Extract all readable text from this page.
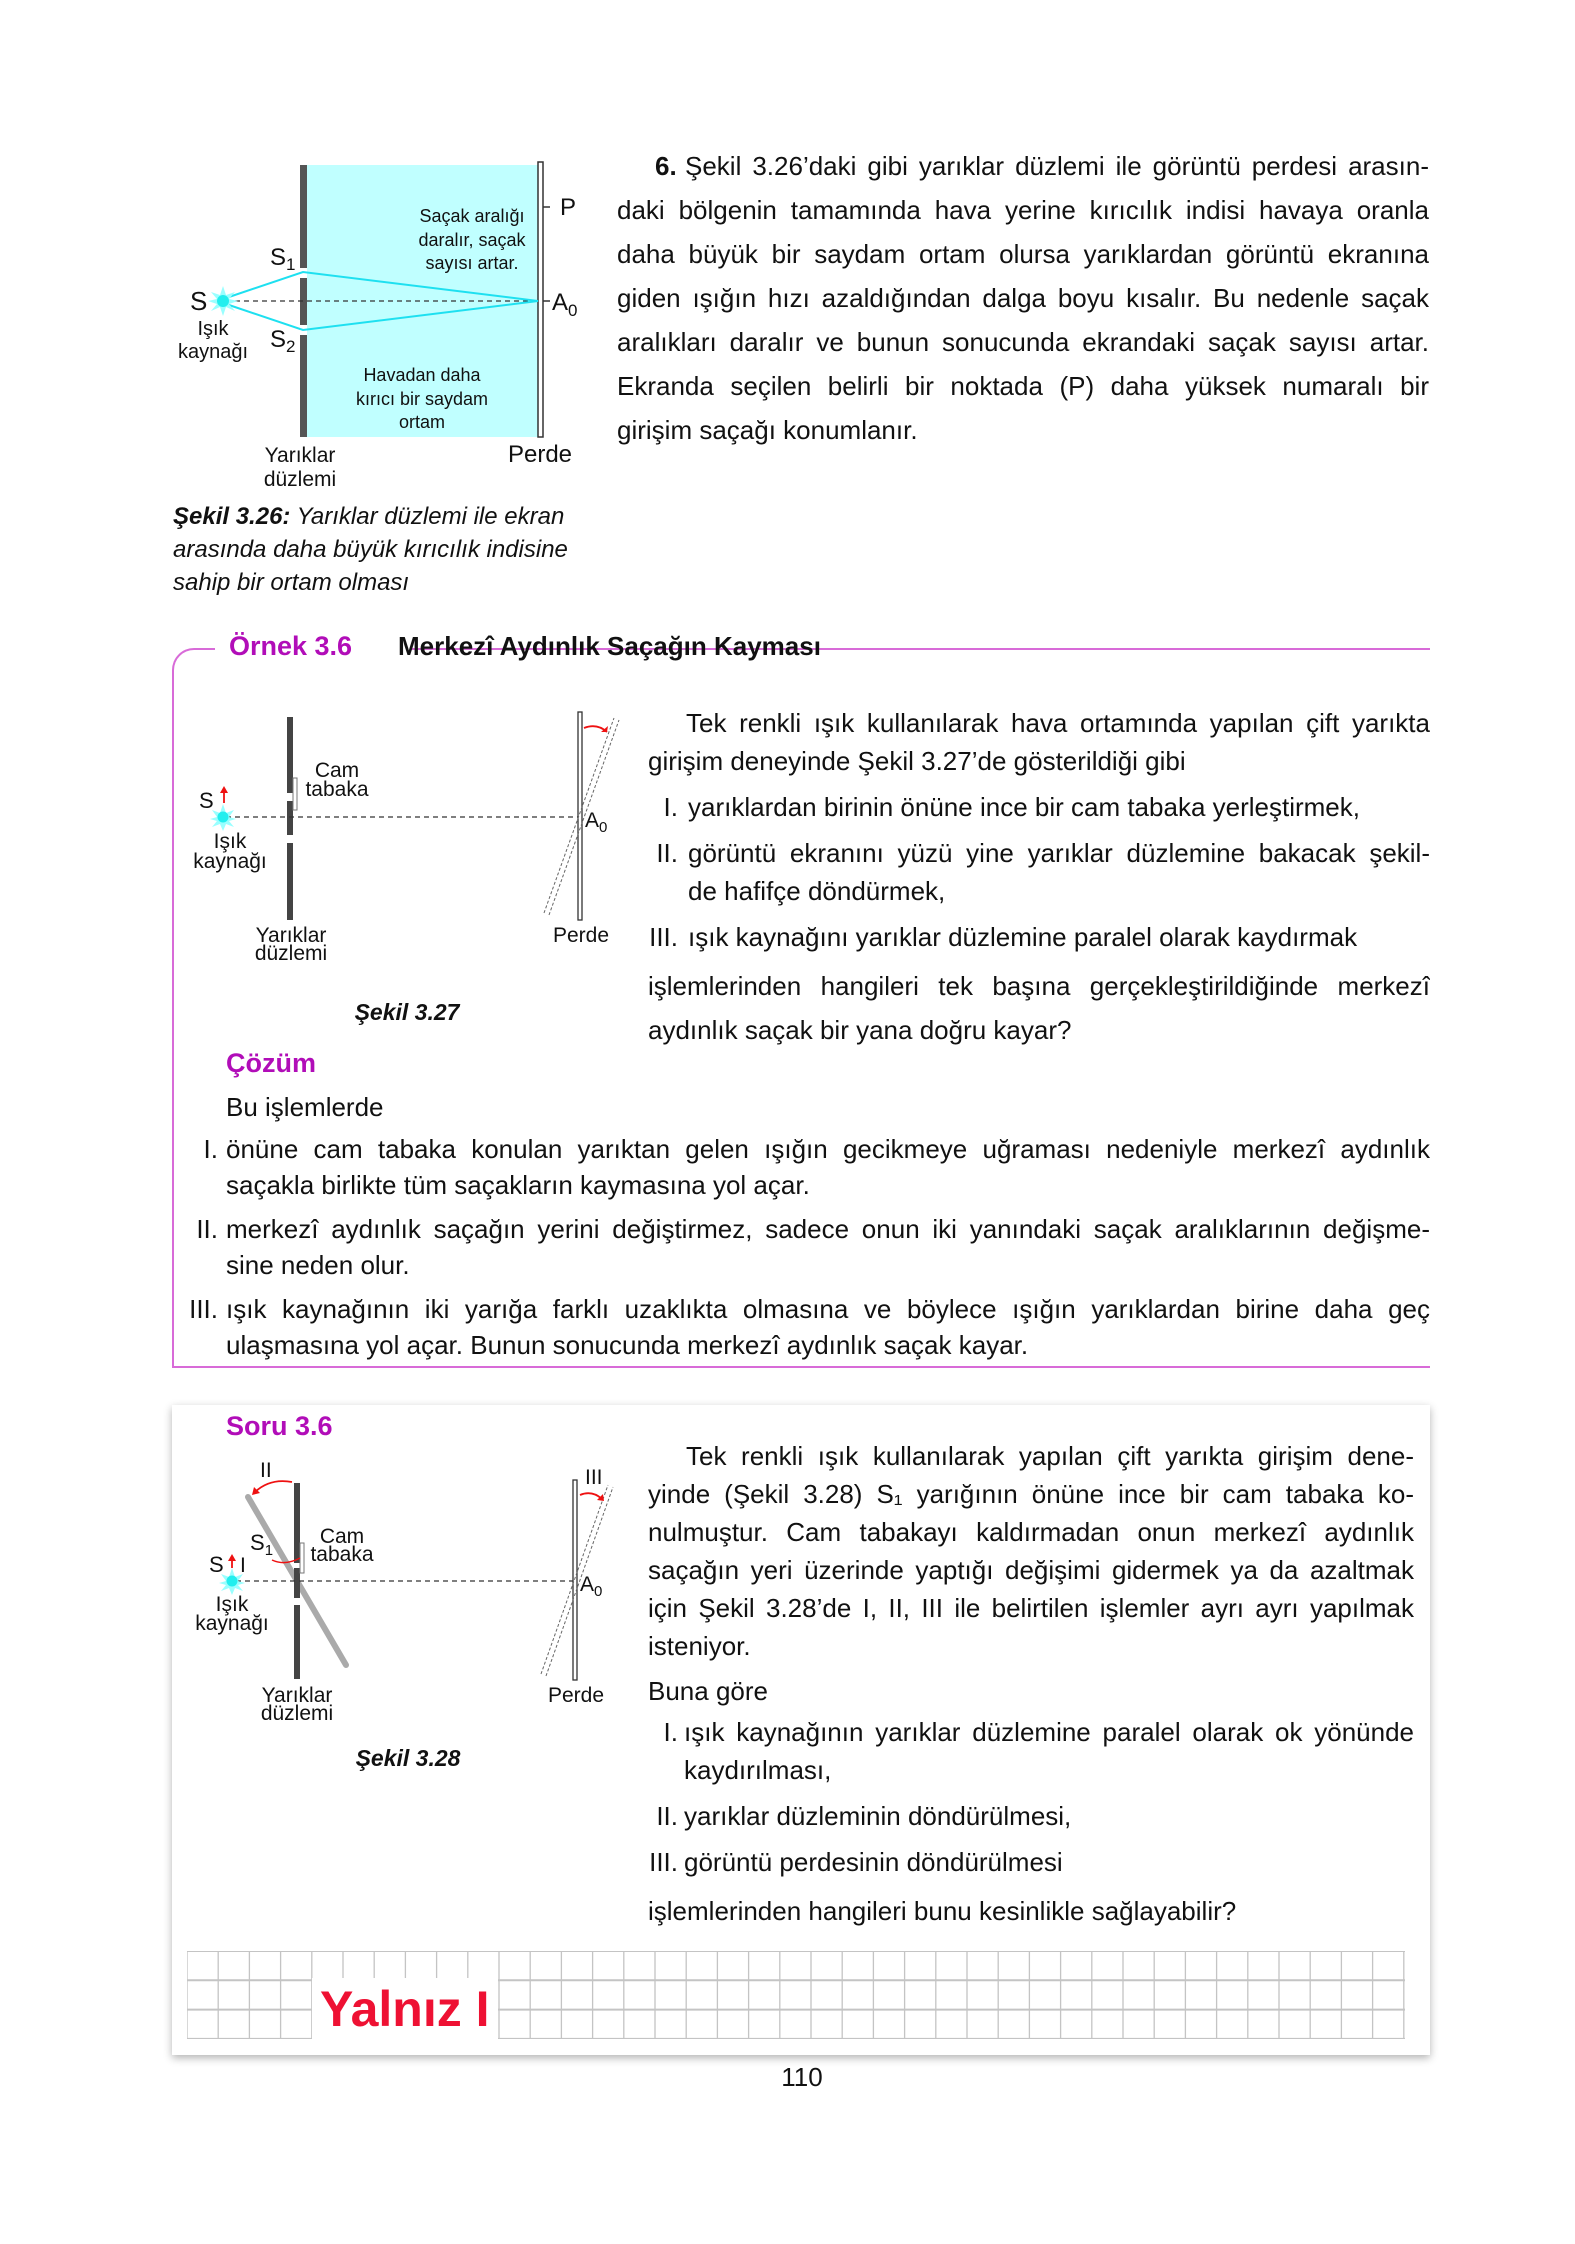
S
Işık
kaynağı
$S_1$
$S_2$
P
$A_0$
Saçak aralığı
daralır, saçak
sayısı artar.
Havadan daha
kırıcı bir saydam
ortam
Yarıklar
düzlemi
Perde
Şekil 3.26: Yarıklar düzlemi ile ekran
arasında daha büyük kırıcılık indisine
sahip bir ortam olması
6. Şekil 3.26’daki gibi yarıklar düzlemi ile görüntü perdesi arasın-
daki bölgenin tamamında hava yerine kırıcılık indisi havaya oranla
daha büyük bir saydam ortam olursa yarıklardan görüntü ekranına
giden ışığın hızı azaldığından dalga boyu kısalır. Bu nedenle saçak
aralıkları daralır ve bunun sonucunda ekrandaki saçak sayısı artar.
Ekranda seçilen belirli bir noktada (P) daha yüksek numaralı bir
girişim saçağı konumlanır.
Örnek 3.6 Merkezî Aydınlık Saçağın Kayması
S
Işık
kaynağı
Cam
tabaka
$A_0$
Yarıklar
düzlemi
Perde
Şekil 3.27
Tek renkli ışık kullanılarak hava ortamında yapılan çift yarıkta
girişim deneyinde Şekil 3.27’de gösterildiği gibi
I. yarıklardan birinin önüne ince bir cam tabaka yerleştirmek,
II. görüntü ekranını yüzü yine yarıklar düzlemine bakacak şekil-
de hafifçe döndürmek,
III. ışık kaynağını yarıklar düzlemine paralel olarak kaydırmak
işlemlerinden hangileri tek başına gerçekleştirildiğinde merkezî
aydınlık saçak bir yana doğru kayar?
Çözüm
Bu işlemlerde
I. önüne cam tabaka konulan yarıktan gelen ışığın gecikmeye uğraması nedeniyle merkezî aydınlık
saçakla birlikte tüm saçakların kaymasına yol açar.
II. merkezî aydınlık saçağın yerini değiştirmez, sadece onun iki yanındaki saçak aralıklarının değişme-
sine neden olur.
III. ışık kaynağının iki yarığa farklı uzaklıkta olmasına ve böylece ışığın yarıklardan birine daha geç
ulaşmasına yol açar. Bunun sonucunda merkezî aydınlık saçak kayar.
Soru 3.6
II	III
S I
$S_1$
Işık
kaynağı
Cam
tabaka
$A_0$
Yarıklar
düzlemi
Perde
Şekil 3.28
Tek renkli ışık kullanılarak yapılan çift yarıkta girişim dene-
yinde (Şekil 3.28) S₁ yarığının önüne ince bir cam tabaka ko-
nulmuştur. Cam tabakayı kaldırmadan onun merkezî aydınlık
saçağın yeri üzerinde yaptığı değişimi gidermek ya da azaltmak
için Şekil 3.28’de I, II, III ile belirtilen işlemler ayrı ayrı yapılmak
isteniyor.
Buna göre
I. ışık kaynağının yarıklar düzlemine paralel olarak ok yönünde
kaydırılması,
II. yarıklar düzleminin döndürülmesi,
III. görüntü perdesinin döndürülmesi
işlemlerinden hangileri bunu kesinlikle sağlayabilir?
Yalnız I
110
